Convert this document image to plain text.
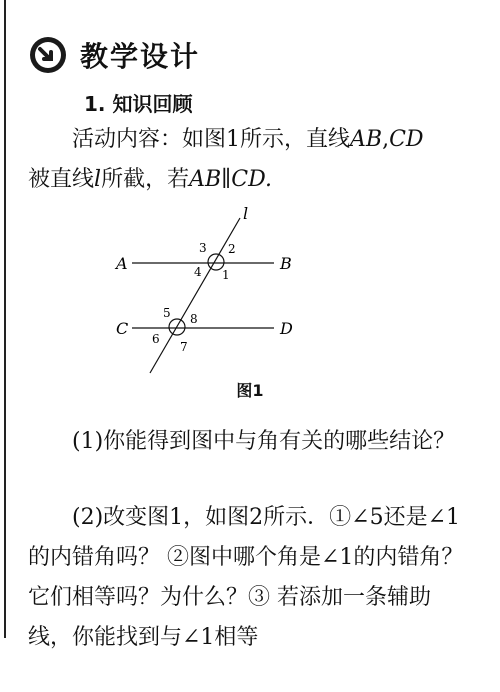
教学设计
1. 知识回顾
活动内容：如图1所示，直线AB,CD
被直线l所截，若AB∥CD.
l
A	B
C	D
3 2
4 1
5 8
6
7
图1
(1)你能得到图中与角有关的哪些结论？
(2)改变图1，如图2所示．①∠5还是∠1的内错角吗？ ②图中哪个角是∠1的内错角？它们相等吗？为什么？③ 若添加一条辅助线，你能找到与∠1相等
